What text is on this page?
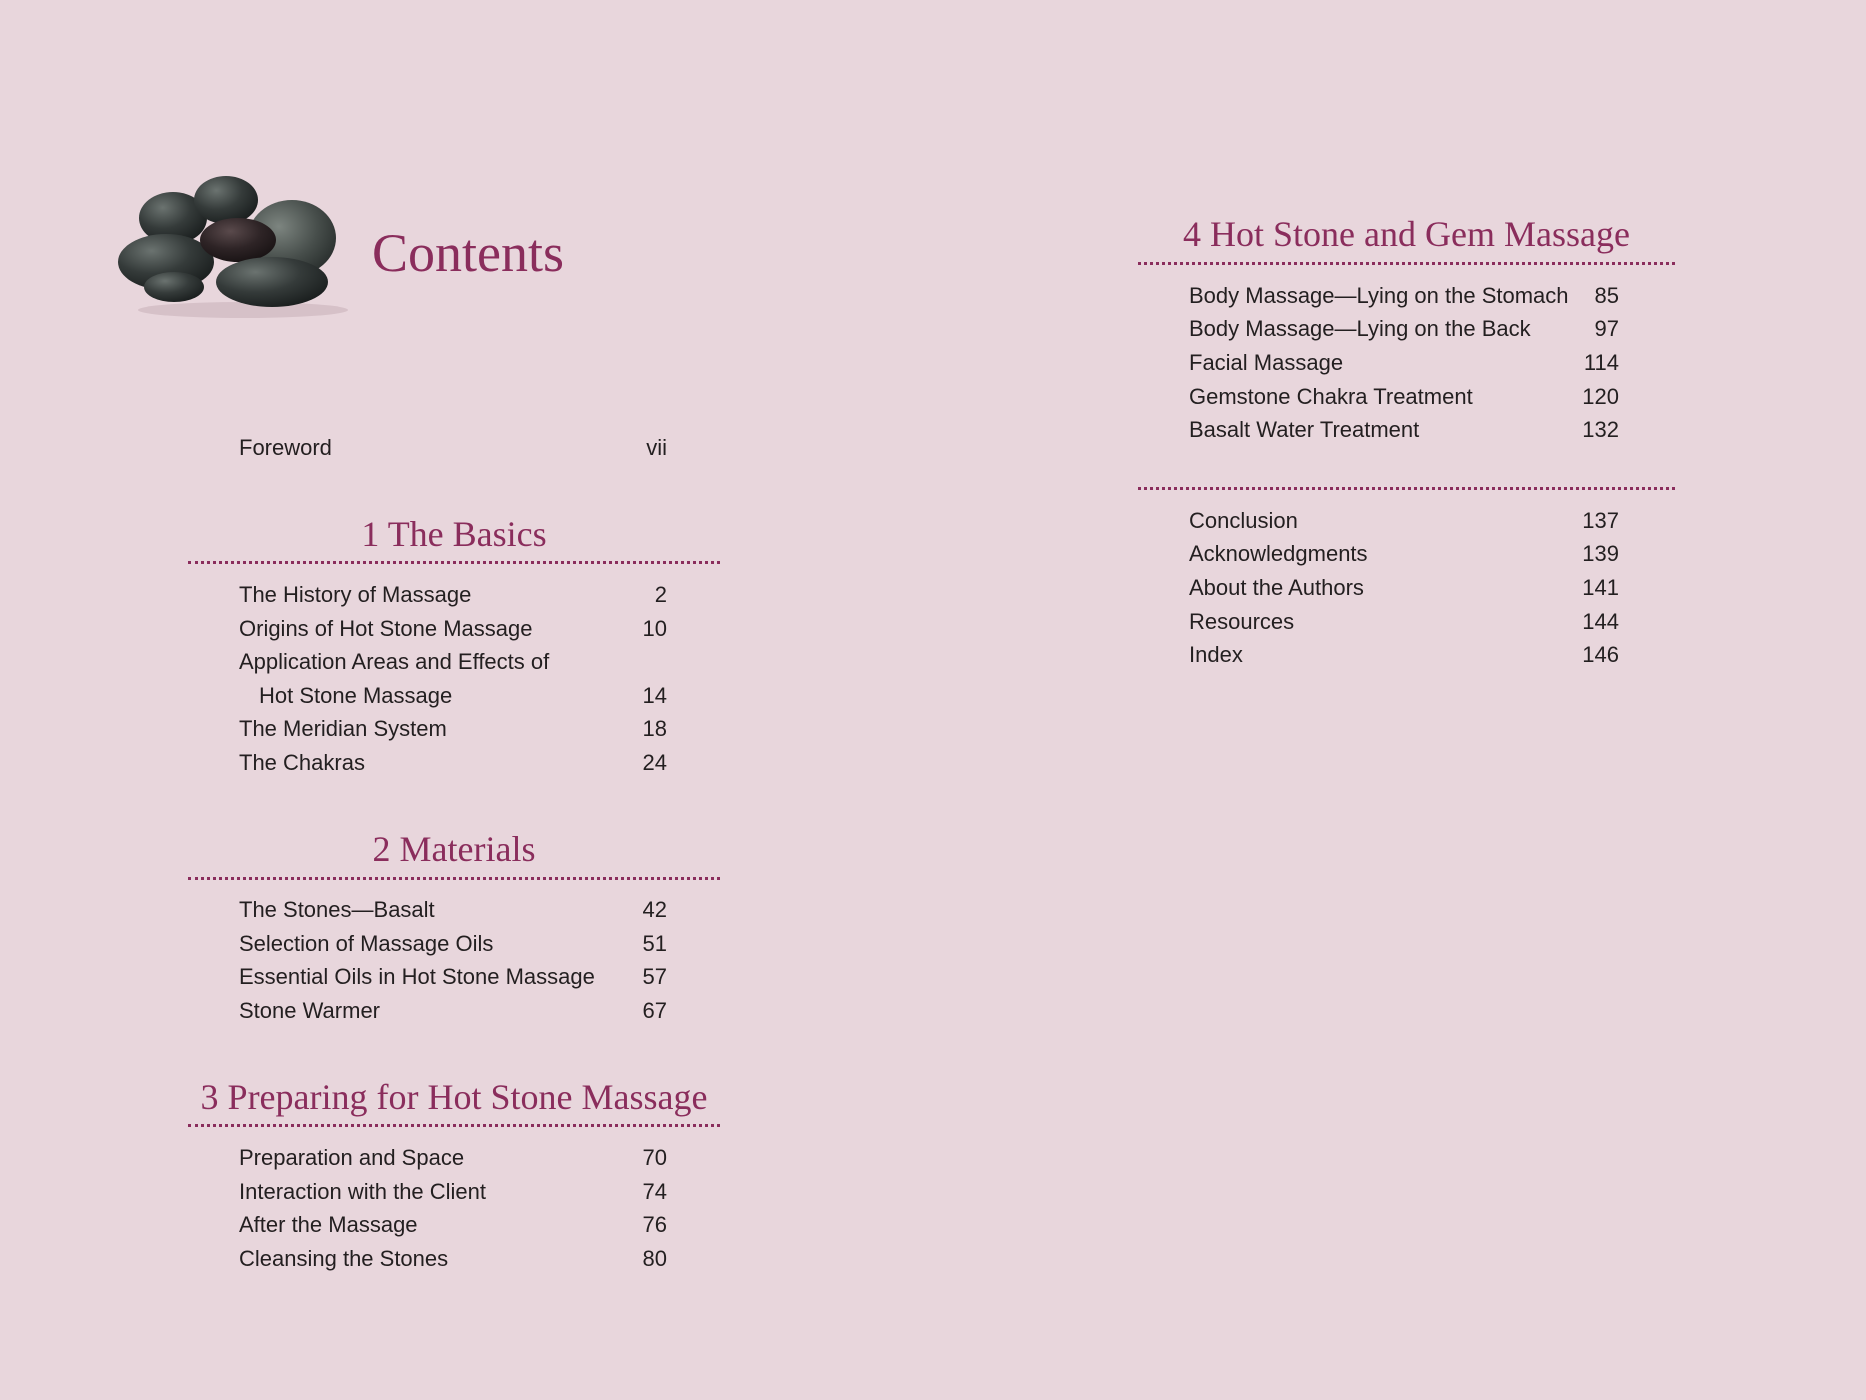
Contents
Foreword	vii
1 The Basics
The History of Massage	2
Origins of Hot Stone Massage	10
Application Areas and Effects of
Hot Stone Massage	14
The Meridian System	18
The Chakras	24
2 Materials
The Stones—Basalt	42
Selection of Massage Oils	51
Essential Oils in Hot Stone Massage 57
Stone Warmer	67
3 Preparing for Hot Stone Massage
Preparation and Space	70
Interaction with the Client	74
After the Massage	76
Cleansing the Stones	80
4 Hot Stone and Gem Massage
Body Massage—Lying on the Stomach 85
Body Massage—Lying on the Back	97
Facial Massage	114
Gemstone Chakra Treatment	120
Basalt Water Treatment	132
Conclusion	137
Acknowledgments	139
About the Authors	141
Resources	144
Index	146
